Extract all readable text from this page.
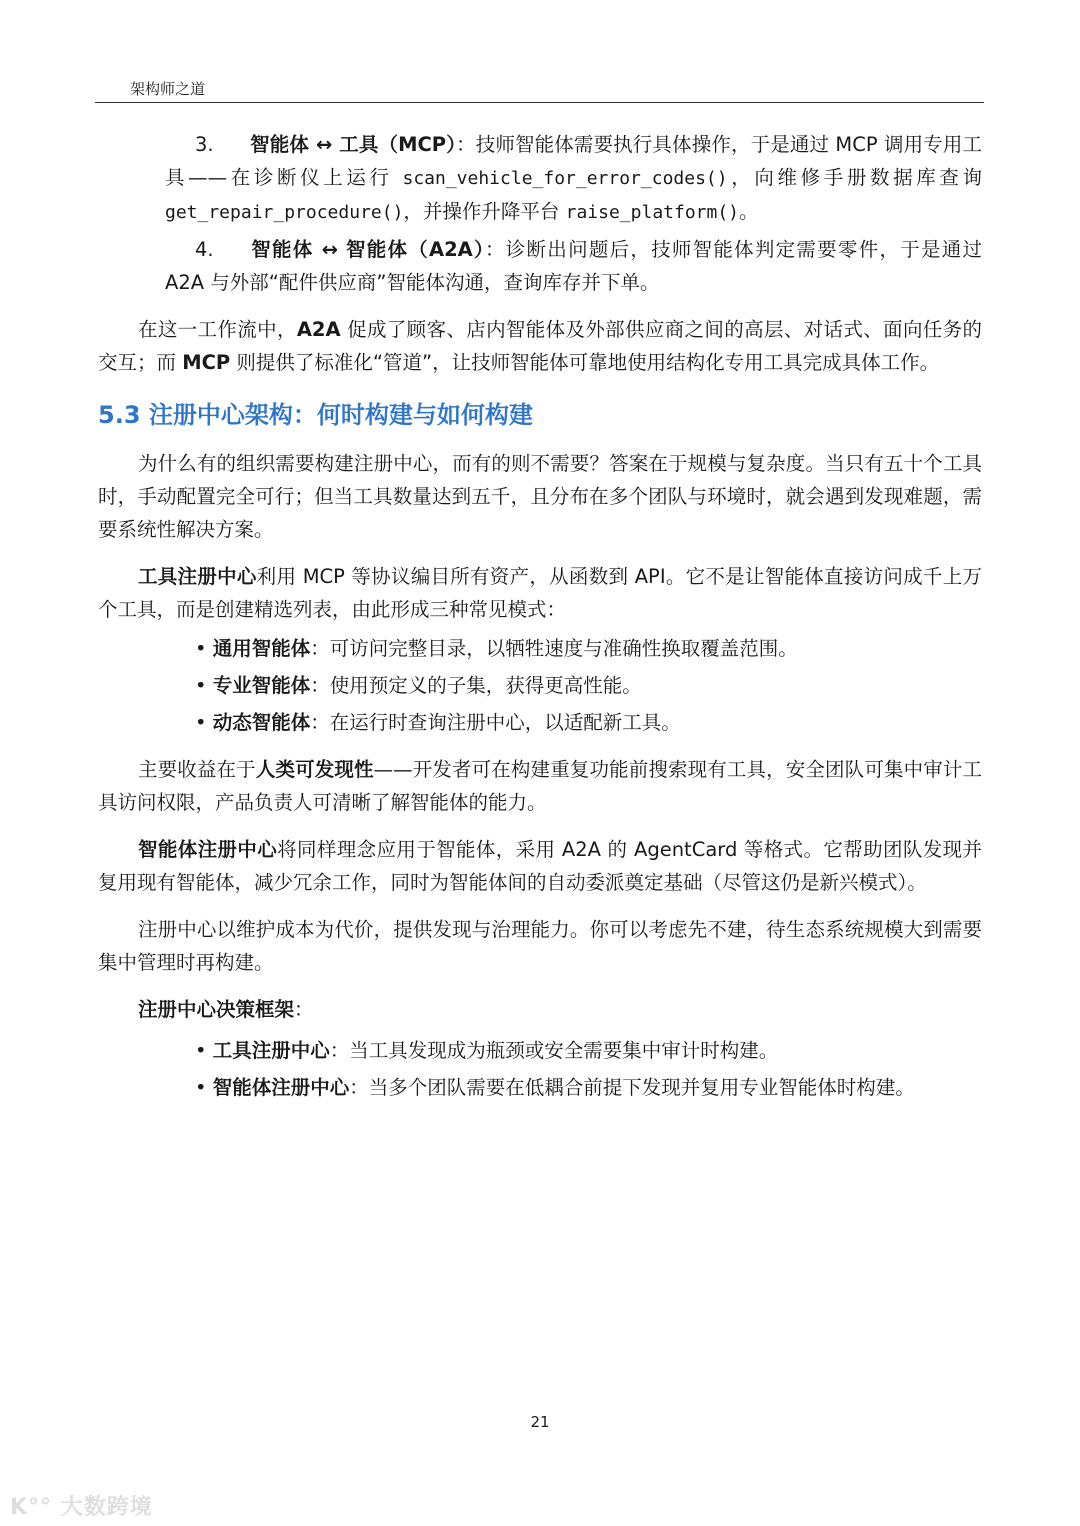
架构师之道

3. 智能体 ↔ 工具（MCP）：技师智能体需要执行具体操作，于是通过 MCP 调用专用工具——在诊断仪上运行 scan_vehicle_for_error_codes()，向维修手册数据库查询 get_repair_procedure()，并操作升降平台 raise_platform()。

4. 智能体 ↔ 智能体（A2A）：诊断出问题后，技师智能体判定需要零件，于是通过 A2A 与外部“配件供应商”智能体沟通，查询库存并下单。

在这一工作流中，A2A 促成了顾客、店内智能体及外部供应商之间的高层、对话式、面向任务的交互；而 MCP 则提供了标准化“管道”，让技师智能体可靠地使用结构化专用工具完成具体工作。

5.3 注册中心架构：何时构建与如何构建

为什么有的组织需要构建注册中心，而有的则不需要？答案在于规模与复杂度。当只有五十个工具时，手动配置完全可行；但当工具数量达到五千，且分布在多个团队与环境时，就会遇到发现难题，需要系统性解决方案。

工具注册中心利用 MCP 等协议编目所有资产，从函数到 API。它不是让智能体直接访问成千上万个工具，而是创建精选列表，由此形成三种常见模式：

• 通用智能体：可访问完整目录，以牺牲速度与准确性换取覆盖范围。

• 专业智能体：使用预定义的子集，获得更高性能。

• 动态智能体：在运行时查询注册中心，以适配新工具。

主要收益在于人类可发现性——开发者可在构建重复功能前搜索现有工具，安全团队可集中审计工具访问权限，产品负责人可清晰了解智能体的能力。

智能体注册中心将同样理念应用于智能体，采用 A2A 的 AgentCard 等格式。它帮助团队发现并复用现有智能体，减少冗余工作，同时为智能体间的自动委派奠定基础（尽管这仍是新兴模式）。

注册中心以维护成本为代价，提供发现与治理能力。你可以考虑先不建，待生态系统规模大到需要集中管理时再构建。

注册中心决策框架：

• 工具注册中心：当工具发现成为瓶颈或安全需要集中审计时构建。

• 智能体注册中心：当多个团队需要在低耦合前提下发现并复用专业智能体时构建。

21
K°° 大数跨境
